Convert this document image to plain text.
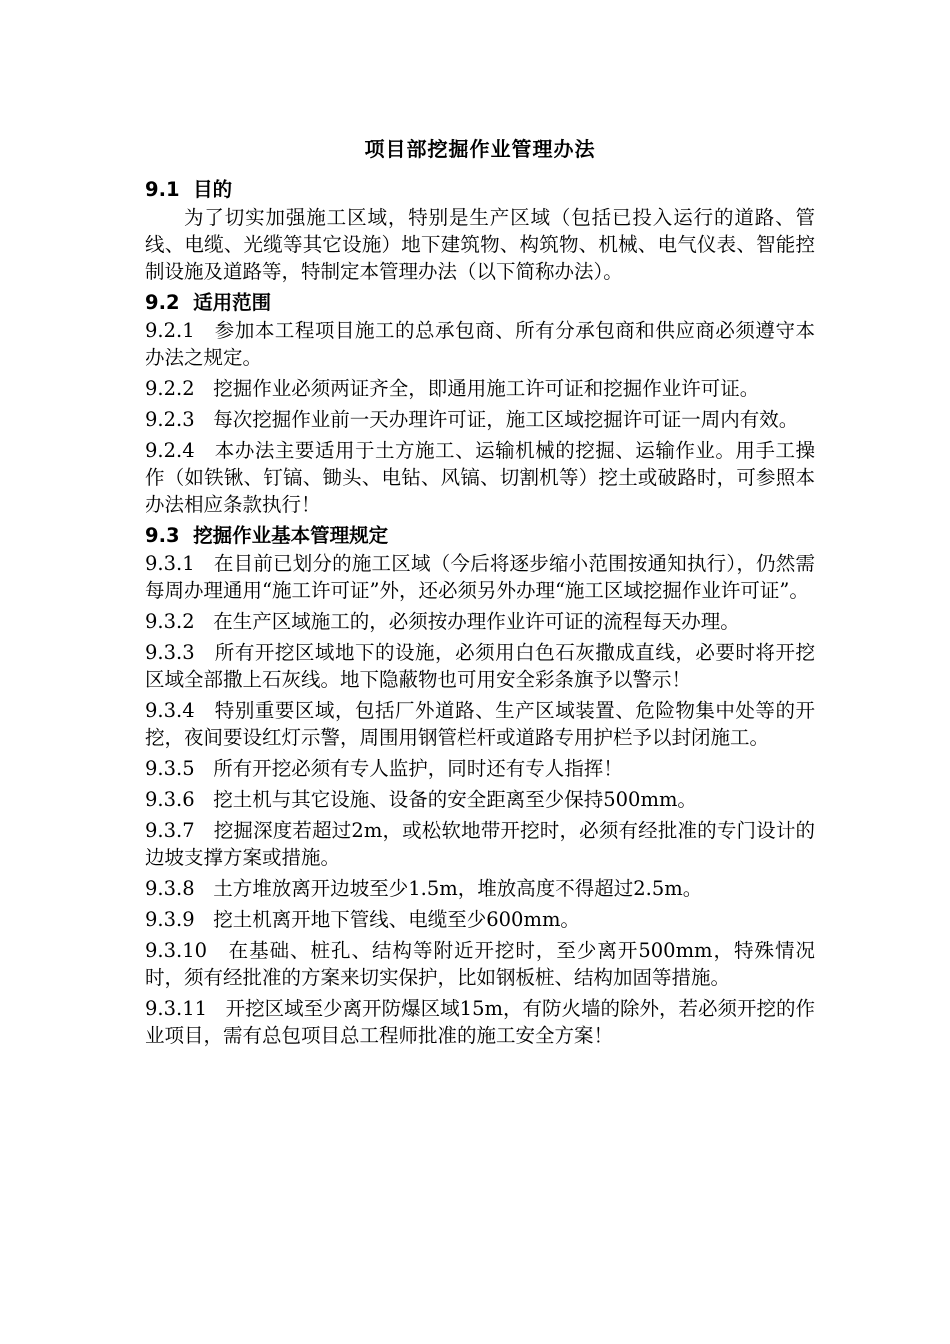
项目部挖掘作业管理办法
9.1  目的

为了切实加强施工区域，特别是生产区域（包括已投入运行的道路、管线、电缆、光缆等其它设施）地下建筑物、构筑物、机械、电气仪表、智能控制设施及道路等，特制定本管理办法（以下简称办法）。

9.2  适用范围

9.2.1 参加本工程项目施工的总承包商、所有分承包商和供应商必须遵守本办法之规定。

9.2.2 挖掘作业必须两证齐全，即通用施工许可证和挖掘作业许可证。

9.2.3 每次挖掘作业前一天办理许可证，施工区域挖掘许可证一周内有效。

9.2.4 本办法主要适用于土方施工、运输机械的挖掘、运输作业。用手工操作（如铁锹、钉镐、锄头、电钻、风镐、切割机等）挖土或破路时，可参照本办法相应条款执行！

9.3  挖掘作业基本管理规定

9.3.1 在目前已划分的施工区域（今后将逐步缩小范围按通知执行），仍然需每周办理通用“施工许可证”外，还必须另外办理“施工区域挖掘作业许可证”。

9.3.2 在生产区域施工的，必须按办理作业许可证的流程每天办理。

9.3.3 所有开挖区域地下的设施，必须用白色石灰撒成直线，必要时将开挖区域全部撒上石灰线。地下隐蔽物也可用安全彩条旗予以警示！

9.3.4 特别重要区域，包括厂外道路、生产区域装置、危险物集中处等的开挖，夜间要设红灯示警，周围用钢管栏杆或道路专用护栏予以封闭施工。

9.3.5 所有开挖必须有专人监护，同时还有专人指挥！

9.3.6 挖土机与其它设施、设备的安全距离至少保持500mm。

9.3.7 挖掘深度若超过2m，或松软地带开挖时，必须有经批准的专门设计的边坡支撑方案或措施。

9.3.8 土方堆放离开边坡至少1.5m，堆放高度不得超过2.5m。

9.3.9 挖土机离开地下管线、电缆至少600mm。

9.3.10 在基础、桩孔、结构等附近开挖时，至少离开500mm，特殊情况时，须有经批准的方案来切实保护，比如钢板桩、结构加固等措施。

9.3.11 开挖区域至少离开防爆区域15m，有防火墙的除外，若必须开挖的作业项目，需有总包项目总工程师批准的施工安全方案！
